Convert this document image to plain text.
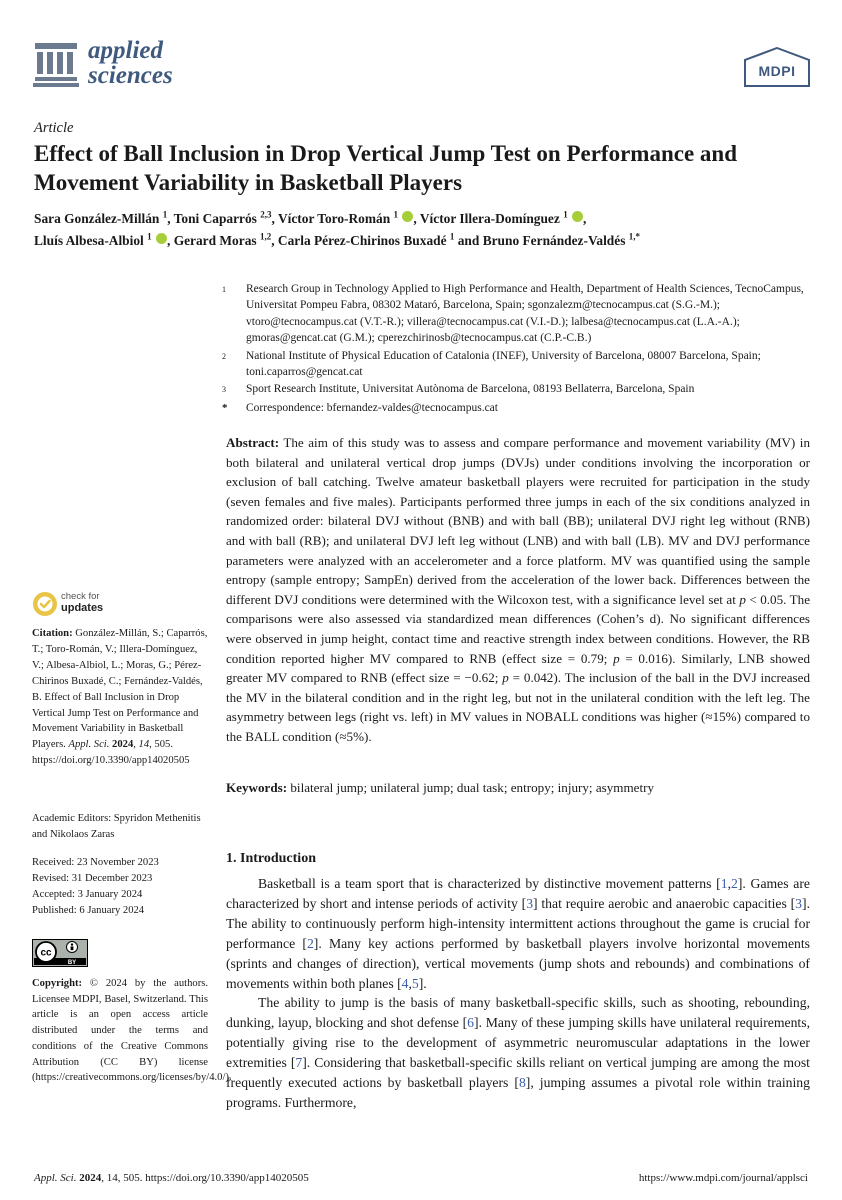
applied
sciences	MDPI
Article
Effect of Ball Inclusion in Drop Vertical Jump Test on Performance and Movement Variability in Basketball Players
Sara González-Millán $^1$, Toni Caparrós $^{2,3}$, Víctor Toro-Román $^1$ , Víctor Illera-Domínguez $^1$ ,
Lluís Albesa-Albiol $^1$ , Gerard Moras $^{1,2}$, Carla Pérez-Chirinos Buxadé $^1$ and Bruno Fernández-Valdés $^{1,*}$
1	Research Group in Technology Applied to High Performance and Health, Department of Health Sciences, TecnoCampus, Universitat Pompeu Fabra, 08302 Mataró, Barcelona, Spain; sgonzalezm@tecnocampus.cat (S.G.-M.); vtoro@tecnocampus.cat (V.T.-R.); villera@tecnocampus.cat (V.I.-D.); lalbesa@tecnocampus.cat (L.A.-A.); gmoras@gencat.cat (G.M.); cperezchirinosb@tecnocampus.cat (C.P.-C.B.)
2	National Institute of Physical Education of Catalonia (INEF), University of Barcelona, 08007 Barcelona, Spain; toni.caparros@gencat.cat
3	Sport Research Institute, Universitat Autònoma de Barcelona, 08193 Bellaterra, Barcelona, Spain
*	Correspondence: bfernandez-valdes@tecnocampus.cat
Abstract: The aim of this study was to assess and compare performance and movement variability (MV) in both bilateral and unilateral vertical drop jumps (DVJs) under conditions involving the incorporation or exclusion of ball catching. Twelve amateur basketball players were recruited for participation in the study (seven females and five males). Participants performed three jumps in each of the six conditions analyzed in randomized order: bilateral DVJ without (BNB) and with ball (BB); unilateral DVJ right leg without (RNB) and with ball (RB); and unilateral DVJ left leg without (LNB) and with ball (LB). MV and DVJ performance parameters were analyzed with an accelerometer and a force platform. MV was quantified using the sample entropy (sample entropy; SampEn) derived from the acceleration of the lower back. Differences between the different DVJ conditions were determined with the Wilcoxon test, with a significance level set at p < 0.05. The comparisons were also assessed via standardized mean differences (Cohen’s d). No significant differences were observed in jump height, contact time and reactive strength index between conditions. However, the RB condition reported higher MV compared to RNB (effect size = 0.79; p = 0.016). Similarly, LNB showed greater MV compared to RNB (effect size = −0.62; p = 0.042). The inclusion of the ball in the DVJ increased the MV in the bilateral condition and in the right leg, but not in the unilateral condition with the left leg. The asymmetry between legs (right vs. left) in MV values in NOBALL conditions was higher (≈15%) compared to the BALL condition (≈5%).
Keywords: bilateral jump; unilateral jump; dual task; entropy; injury; asymmetry
check for
updates
Citation: González-Millán, S.; Caparrós, T.; Toro-Román, V.; Illera-Domínguez, V.; Albesa-Albiol, L.; Moras, G.; Pérez-Chirinos Buxadé, C.; Fernández-Valdés, B. Effect of Ball Inclusion in Drop Vertical Jump Test on Performance and Movement Variability in Basketball Players. Appl. Sci. 2024, 14, 505. https://doi.org/10.3390/app14020505
Academic Editors: Spyridon Methenitis and Nikolaos Zaras
Received: 23 November 2023
Revised: 31 December 2023
Accepted: 3 January 2024
Published: 6 January 2024
cc
BY
Copyright: © 2024 by the authors. Licensee MDPI, Basel, Switzerland. This article is an open access article distributed under the terms and conditions of the Creative Commons Attribution (CC BY) license (https://creativecommons.org/licenses/by/4.0/).
1. Introduction

Basketball is a team sport that is characterized by distinctive movement patterns [1,2]. Games are characterized by short and intense periods of activity [3] that require aerobic and anaerobic capacities [3]. The ability to continuously perform high-intensity intermittent actions throughout the game is crucial for performance [2]. Many key actions performed by basketball players involve horizontal movements (sprints and changes of direction), vertical movements (jump shots and rebounds) and combinations of movements within both planes [4,5].

The ability to jump is the basis of many basketball-specific skills, such as shooting, rebounding, dunking, layup, blocking and shot defense [6]. Many of these jumping skills have unilateral requirements, potentially giving rise to the development of asymmetric neuromuscular adaptations in the lower extremities [7]. Considering that basketball-specific skills reliant on vertical jumping are among the most frequently executed actions by basketball players [8], jumping assumes a pivotal role within training programs. Furthermore,

Appl. Sci. 2024, 14, 505. https://doi.org/10.3390/app14020505	https://www.mdpi.com/journal/applsci
